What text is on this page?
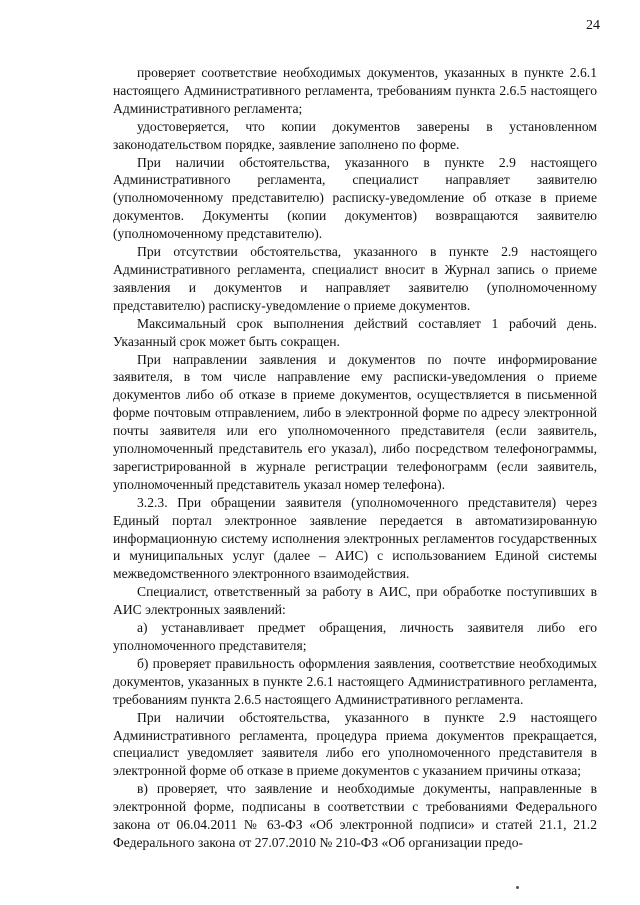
24

проверяет соответствие необходимых документов, указанных в пункте 2.6.1 настоящего Административного регламента, требованиям пункта 2.6.5 настоящего Административного регламента;

удостоверяется, что копии документов заверены в установленном законодательством порядке, заявление заполнено по форме.

При наличии обстоятельства, указанного в пункте 2.9 настоящего Административного регламента, специалист направляет заявителю (уполномоченному представителю) расписку-уведомление об отказе в приеме документов. Документы (копии документов) возвращаются заявителю (уполномоченному представителю).

При отсутствии обстоятельства, указанного в пункте 2.9 настоящего Административного регламента, специалист вносит в Журнал запись о приеме заявления и документов и направляет заявителю (уполномоченному представителю) расписку-уведомление о приеме документов.

Максимальный срок выполнения действий составляет 1 рабочий день. Указанный срок может быть сокращен.

При направлении заявления и документов по почте информирование заявителя, в том числе направление ему расписки-уведомления о приеме документов либо об отказе в приеме документов, осуществляется в письменной форме почтовым отправлением, либо в электронной форме по адресу электронной почты заявителя или его уполномоченного представителя (если заявитель, уполномоченный представитель его указал), либо посредством телефонограммы, зарегистрированной в журнале регистрации телефонограмм (если заявитель, уполномоченный представитель указал номер телефона).

3.2.3. При обращении заявителя (уполномоченного представителя) через Единый портал электронное заявление передается в автоматизированную информационную систему исполнения электронных регламентов государственных и муниципальных услуг (далее – АИС) с использованием Единой системы межведомственного электронного взаимодействия.

Специалист, ответственный за работу в АИС, при обработке поступивших в АИС электронных заявлений:

а) устанавливает предмет обращения, личность заявителя либо его уполномоченного представителя;

б) проверяет правильность оформления заявления, соответствие необходимых документов, указанных в пункте 2.6.1 настоящего Административного регламента, требованиям пункта 2.6.5 настоящего Административного регламента.

При наличии обстоятельства, указанного в пункте 2.9 настоящего Административного регламента, процедура приема документов прекращается, специалист уведомляет заявителя либо его уполномоченного представителя в электронной форме об отказе в приеме документов с указанием причины отказа;

в) проверяет, что заявление и необходимые документы, направленные в электронной форме, подписаны в соответствии с требованиями Федерального закона от 06.04.2011 № 63-ФЗ «Об электронной подписи» и статей 21.1, 21.2 Федерального закона от 27.07.2010 № 210-ФЗ «Об организации предо-
